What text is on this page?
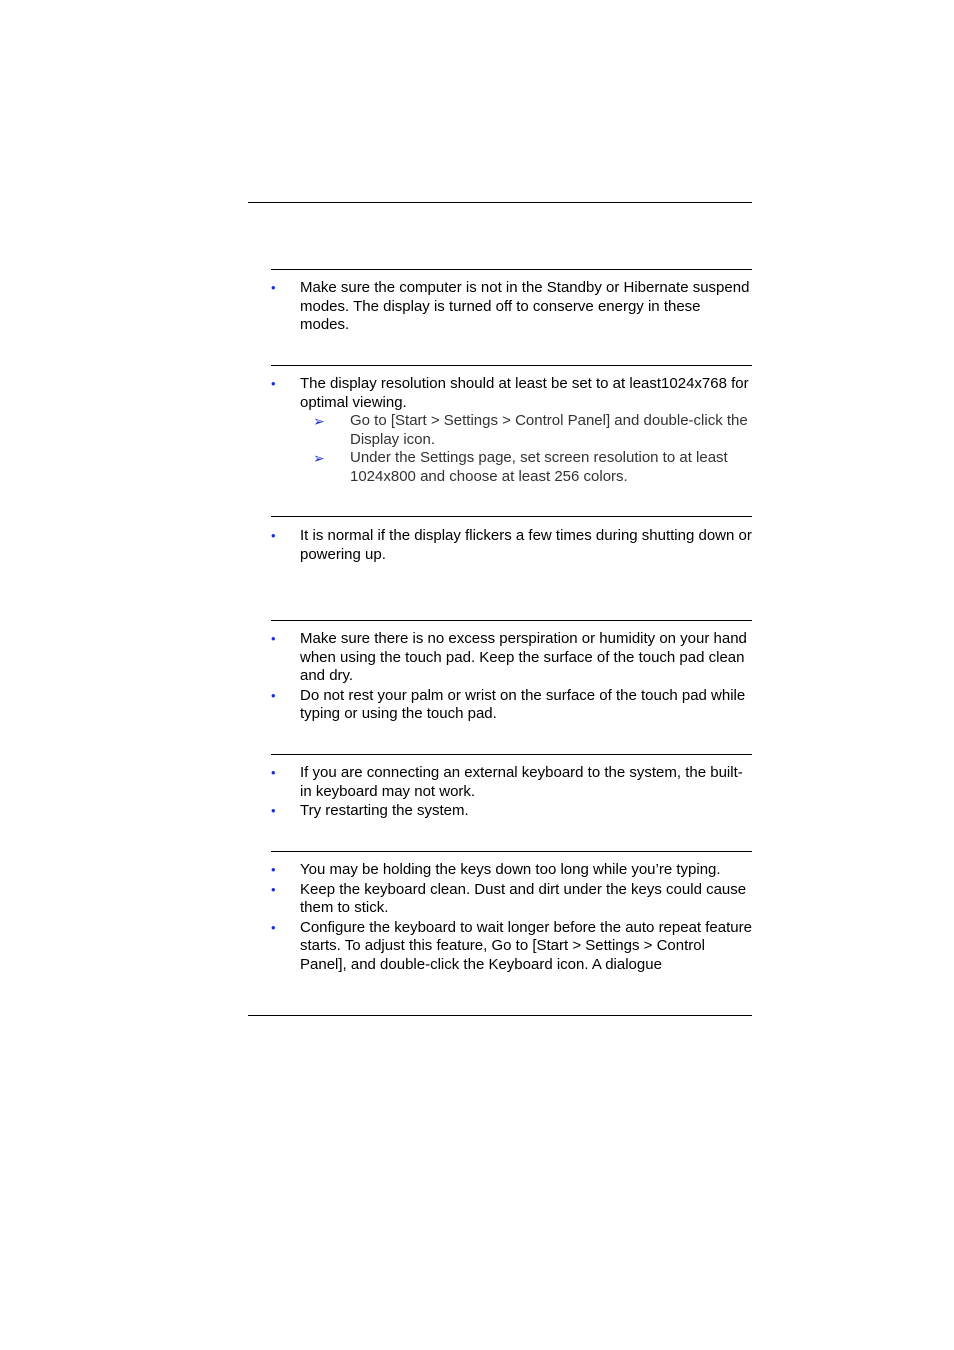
•	Make sure the computer is not in the Standby or Hibernate suspend modes. The display is turned off to conserve energy in these modes.
•	The display resolution should at least be set to at least1024x768 for optimal viewing.
➢	Go to [Start > Settings > Control Panel] and double-click the Display icon.
➢	Under the Settings page, set screen resolution to at least 1024x800 and choose at least 256 colors.
•	It is normal if the display flickers a few times during shutting down or powering up.
•	Make sure there is no excess perspiration or humidity on your hand when using the touch pad. Keep the surface of the touch pad clean and dry.
•	Do not rest your palm or wrist on the surface of the touch pad while typing or using the touch pad.
•	If you are connecting an external keyboard to the system, the built-in keyboard may not work.
•	Try restarting the system.
•	You may be holding the keys down too long while you’re typing.
•	Keep the keyboard clean. Dust and dirt under the keys could cause them to stick.
•	Configure the keyboard to wait longer before the auto repeat feature starts. To adjust this feature, Go to [Start > Settings > Control Panel], and double-click the Keyboard icon. A dialogue
